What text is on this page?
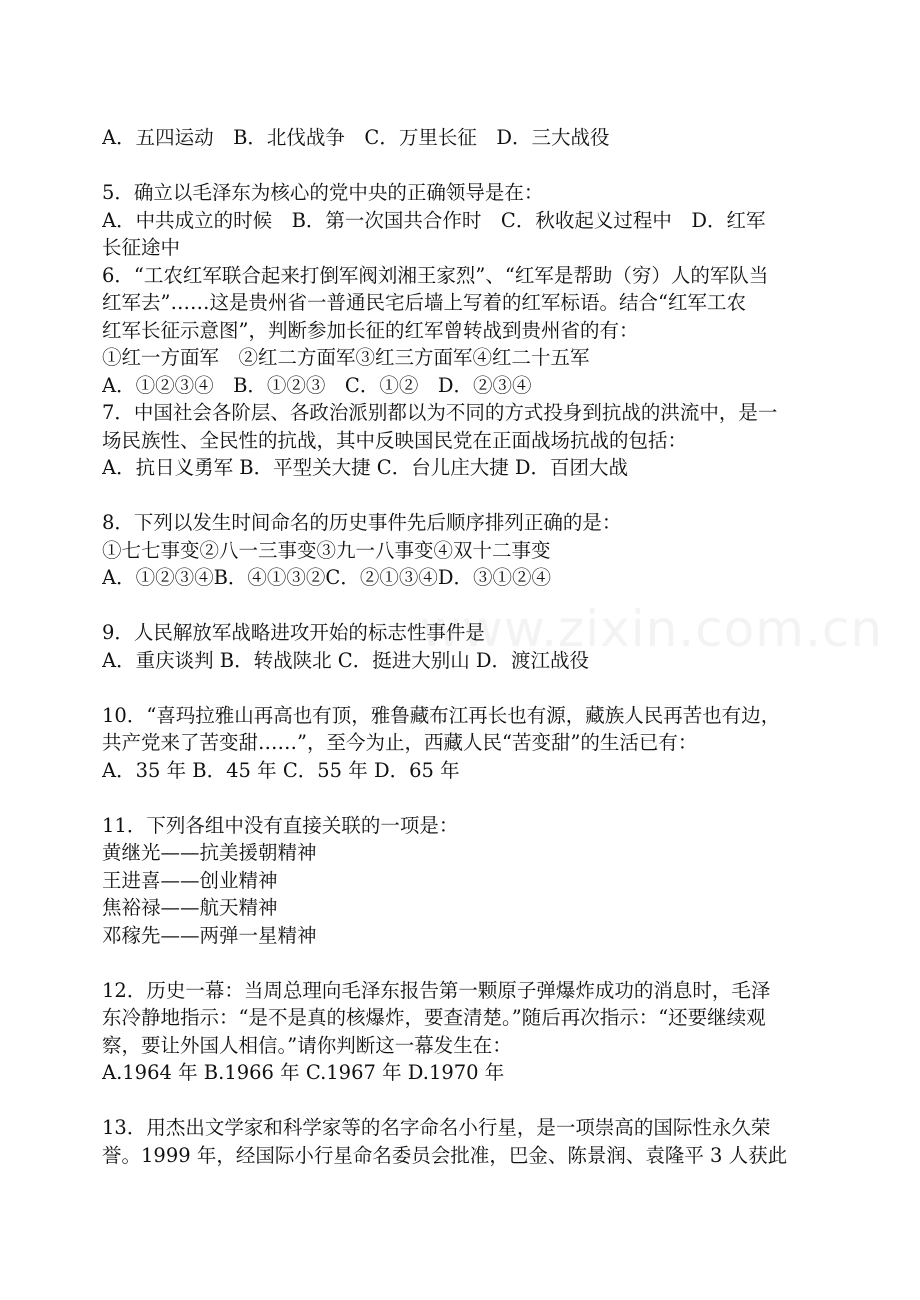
www.zixin.com.cn
A．五四运动　B．北伐战争　C．万里长征　D．三大战役
5．确立以毛泽东为核心的党中央的正确领导是在：
A．中共成立的时候　B．第一次国共合作时　C．秋收起义过程中　D．红军
长征途中
6．“工农红军联合起来打倒军阀刘湘王家烈”、“红军是帮助（穷）人的军队当
红军去”……这是贵州省一普通民宅后墙上写着的红军标语。结合“红军工农
红军长征示意图”，判断参加长征的红军曾转战到贵州省的有：
①红一方面军　②红二方面军③红三方面军④红二十五军
A．①②③④　B．①②③　C．①②　D．②③④
7．中国社会各阶层、各政治派别都以为不同的方式投身到抗战的洪流中，是一
场民族性、全民性的抗战，其中反映国民党在正面战场抗战的包括：
A．抗日义勇军 B．平型关大捷 C．台儿庄大捷 D．百团大战
8．下列以发生时间命名的历史事件先后顺序排列正确的是：
①七七事变②八一三事变③九一八事变④双十二事变
A．①②③④B．④①③②C．②①③④D．③①②④
9．人民解放军战略进攻开始的标志性事件是
A．重庆谈判 B．转战陕北 C．挺进大别山 D．渡江战役
10．“喜玛拉雅山再高也有顶，雅鲁藏布江再长也有源，藏族人民再苦也有边，
共产党来了苦变甜……”，至今为止，西藏人民“苦变甜”的生活已有：
A．35 年 B．45 年 C．55 年 D．65 年
11．下列各组中没有直接关联的一项是：
黄继光——抗美援朝精神
王进喜——创业精神
焦裕禄——航天精神
邓稼先——两弹一星精神
12．历史一幕：当周总理向毛泽东报告第一颗原子弹爆炸成功的消息时，毛泽
东冷静地指示：“是不是真的核爆炸，要查清楚。”随后再次指示：“还要继续观
察，要让外国人相信。”请你判断这一幕发生在：
A.1964 年 B.1966 年 C.1967 年 D.1970 年
13．用杰出文学家和科学家等的名字命名小行星，是一项崇高的国际性永久荣
誉。1999 年，经国际小行星命名委员会批准，巴金、陈景润、袁隆平 3 人获此
